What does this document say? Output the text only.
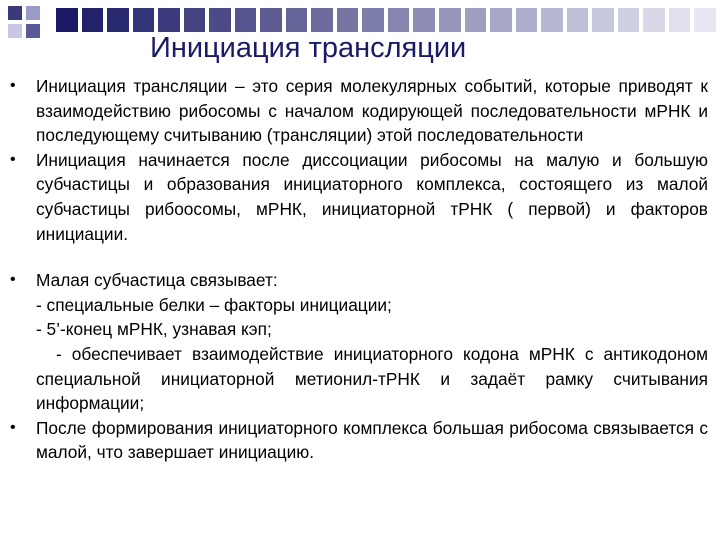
Инициация трансляции
• Инициация трансляции – это серия молекулярных событий, которые приводят к взаимодействию рибосомы с началом кодирующей последовательности мРНК и последующему считыванию (трансляции) этой последовательности
• Инициация начинается после диссоциации рибосомы на малую и большую субчастицы и образования инициаторного комплекса, состоящего из малой субчастицы рибоосомы, мРНК, инициаторной тРНК ( первой) и факторов инициации.
• Малая субчастица связывает:
- специальные белки – факторы инициации;
- 5’-конец мРНК, узнавая кэп;
- обеспечивает взаимодействие инициаторного кодона мРНК с антикодоном специальной инициаторной метионил-тРНК и задаёт рамку считывания информации;
• После формирования инициаторного комплекса большая рибосома связывается с малой, что завершает инициацию.
